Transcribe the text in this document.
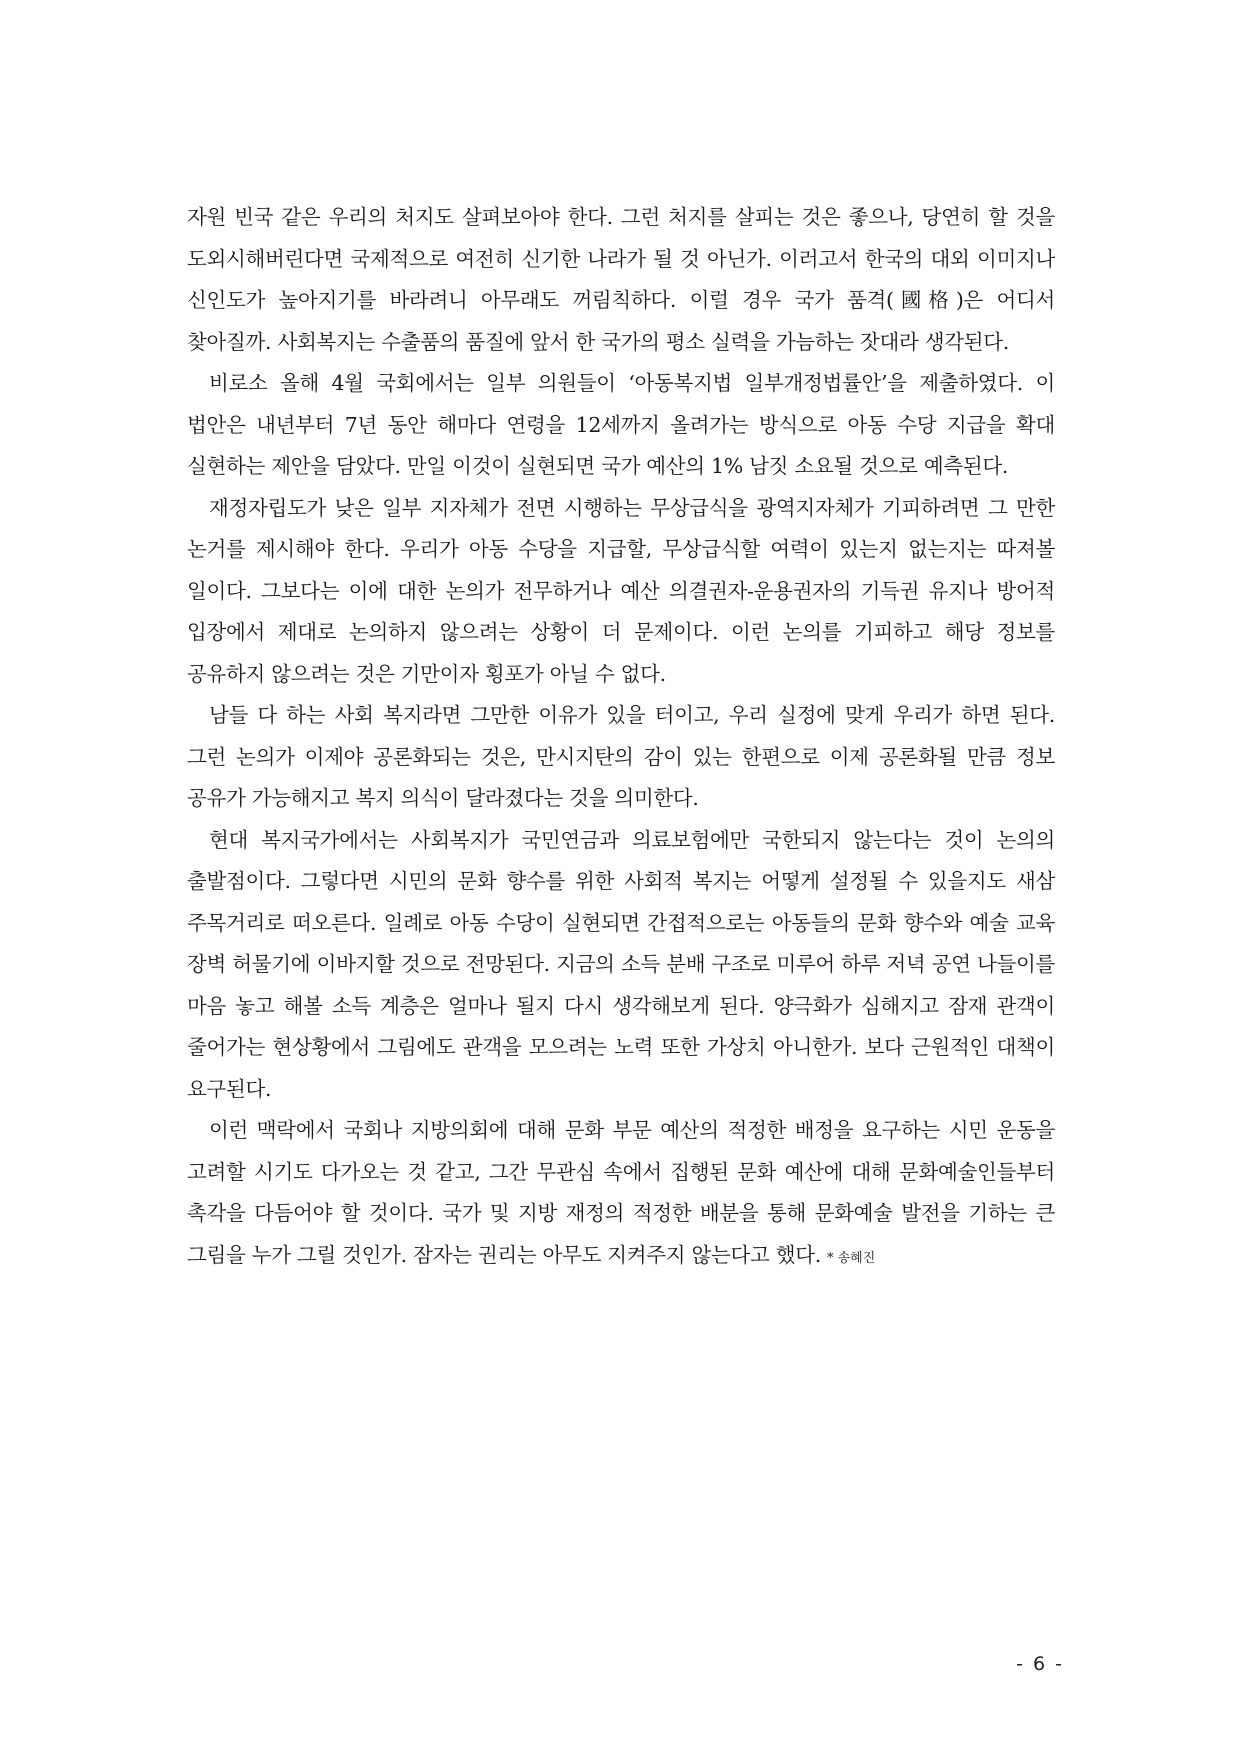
자원 빈국 같은 우리의 처지도 살펴보아야 한다. 그런 처지를 살피는 것은 좋으나, 당연히 할 것을 도외시해버린다면 국제적으로 여전히 신기한 나라가 될 것 아닌가. 이러고서 한국의 대외 이미지나 신인도가 높아지기를 바라려니 아무래도 꺼림칙하다. 이럴 경우 국가 품격(國格)은 어디서 찾아질까. 사회복지는 수출품의 품질에 앞서 한 국가의 평소 실력을 가늠하는 잣대라 생각된다.

비로소 올해 4월 국회에서는 일부 의원들이 ‘아동복지법 일부개정법률안’을 제출하였다. 이 법안은 내년부터 7년 동안 해마다 연령을 12세까지 올려가는 방식으로 아동 수당 지급을 확대 실현하는 제안을 담았다. 만일 이것이 실현되면 국가 예산의 1% 남짓 소요될 것으로 예측된다.

재정자립도가 낮은 일부 지자체가 전면 시행하는 무상급식을 광역지자체가 기피하려면 그 만한 논거를 제시해야 한다. 우리가 아동 수당을 지급할, 무상급식할 여력이 있는지 없는지는 따져볼 일이다. 그보다는 이에 대한 논의가 전무하거나 예산 의결권자-운용권자의 기득권 유지나 방어적 입장에서 제대로 논의하지 않으려는 상황이 더 문제이다. 이런 논의를 기피하고 해당 정보를 공유하지 않으려는 것은 기만이자 횡포가 아닐 수 없다.

남들 다 하는 사회 복지라면 그만한 이유가 있을 터이고, 우리 실정에 맞게 우리가 하면 된다. 그런 논의가 이제야 공론화되는 것은, 만시지탄의 감이 있는 한편으로 이제 공론화될 만큼 정보 공유가 가능해지고 복지 의식이 달라졌다는 것을 의미한다.

현대 복지국가에서는 사회복지가 국민연금과 의료보험에만 국한되지 않는다는 것이 논의의 출발점이다. 그렇다면 시민의 문화 향수를 위한 사회적 복지는 어떻게 설정될 수 있을지도 새삼 주목거리로 떠오른다. 일례로 아동 수당이 실현되면 간접적으로는 아동들의 문화 향수와 예술 교육 장벽 허물기에 이바지할 것으로 전망된다. 지금의 소득 분배 구조로 미루어 하루 저녁 공연 나들이를 마음 놓고 해볼 소득 계층은 얼마나 될지 다시 생각해보게 된다. 양극화가 심해지고 잠재 관객이 줄어가는 현상황에서 그림에도 관객을 모으려는 노력 또한 가상치 아니한가. 보다 근원적인 대책이 요구된다.

이런 맥락에서 국회나 지방의회에 대해 문화 부문 예산의 적정한 배정을 요구하는 시민 운동을 고려할 시기도 다가오는 것 같고, 그간 무관심 속에서 집행된 문화 예산에 대해 문화예술인들부터 촉각을 다듬어야 할 것이다. 국가 및 지방 재정의 적정한 배분을 통해 문화예술 발전을 기하는 큰 그림을 누가 그릴 것인가. 잠자는 권리는 아무도 지켜주지 않는다고 했다. * 송혜진

- 6 -
